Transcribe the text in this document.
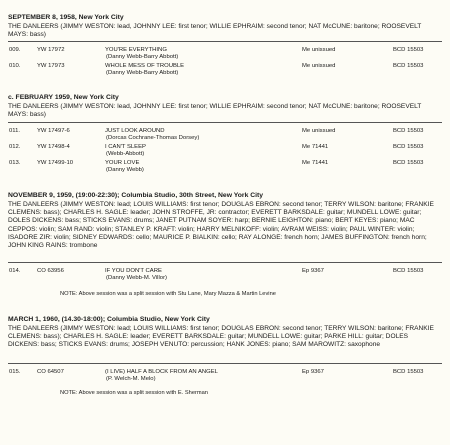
SEPTEMBER 8, 1958, New York City
THE DANLEERS (JIMMY WESTON: lead, JOHNNY LEE: first tenor; WILLIE EPHRAIM: second tenor; NAT McCUNE: baritone; ROOSEVELT MAYS: bass)
009.	YW 17972	YOU'RE EVERYTHING
(Danny Webb-Barry Abbott)
Me unissued	BCD 15503
010.	YW 17973	WHOLE MESS OF TROUBLE
(Danny Webb-Barry Abbott)
Me unissued	BCD 15503
c. FEBRUARY 1959, New York City
THE DANLEERS (JIMMY WESTON: lead, JOHNNY LEE: first tenor; WILLIE EPHRAIM: second tenor; NAT McCUNE: baritone; ROOSEVELT MAYS: bass)
011.	YW 17497-6	JUST LOOK AROUND
(Dorcas Cochrane-Thomas Dorsey)
Me unissued	BCD 15503
012.	YW 17498-4	I CAN'T SLEEP
(Webb-Abbott)
Me 71441	BCD 15503
013.	YW 17499-10	YOUR LOVE
(Danny Webb)
Me 71441	BCD 15503
NOVEMBER 9, 1959, (19:00-22:30); Columbia Studio, 30th Street, New York City
THE DANLEERS (JIMMY WESTON: lead; LOUIS WILLIAMS: first tenor; DOUGLAS EBRON: second tenor; TERRY WILSON: baritone; FRANKIE CLEMENS: bass); CHARLES H. SAGLE: leader; JOHN STROFFE, JR: contractor; EVERETT BARKSDALE: guitar; MUNDELL LOWE: guitar; DOLES DICKENS: bass; STICKS EVANS: drums; JANET PUTNAM SOYER: harp; BERNIE LEIGHTON: piano; BERT KEYES: piano; MAC CEPPOS: violin; SAM RAND: violin; STANLEY P. KRAFT: violin; HARRY MELNIKOFF: violin; AVRAM WEISS: violin; PAUL WINTER: violin; ISADORE ZIR: violin; SIDNEY EDWARDS: cello; MAURICE P. BIALKIN: cello; RAY ALONGE: french horn; JAMES BUFFINGTON: french horn; JOHN KING RAINS: trombone
014.	CO 63956	IF YOU DON'T CARE
(Danny Webb-M. Villor)
Ep 9367	BCD 15503
NOTE: Above session was a split session with Stu Lane, Mary Mazza & Martin Levine
MARCH 1, 1960, (14.30-18:00); Columbia Studio, New York City
THE DANLEERS (JIMMY WESTON: lead; LOUIS WILLIAMS: first tenor; DOUGLAS EBRON: second tenor; TERRY WILSON: baritone; FRANKIE CLEMENS: bass); CHARLES H. SAGLE: leader; EVERETT BARKSDALE: guitar; MUNDELL LOWE: guitar; PARKE HILL: guitar; DOLES DICKENS: bass; STICKS EVANS: drums; JOSEPH VENUTO: percussion; HANK JONES: piano; SAM MAROWITZ: saxophone
015.	CO 64507	(I LIVE) HALF A BLOCK FROM AN ANGEL
(P. Welch-M. Melo)
Ep 9367	BCD 15503
NOTE: Above session was a split session with E. Sherman
